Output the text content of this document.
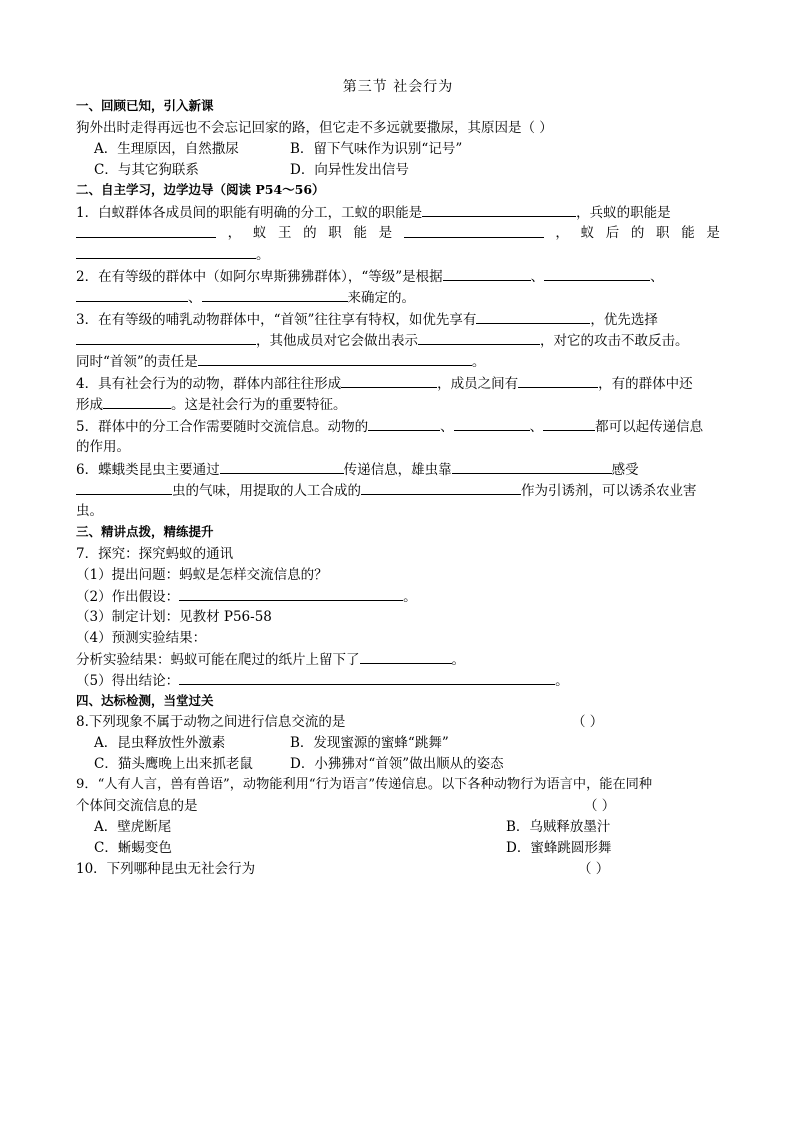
第三节 社会行为
一、回顾已知，引入新课
狗外出时走得再远也不会忘记回家的路，但它走不多远就要撒尿，其原因是（ ）
A．生理原因，自然撒尿	B．留下气味作为识别“记号”
C．与其它狗联系	D．向异性发出信号
二、自主学习，边学边导（阅读 P54～56）
1．白蚁群体各成员间的职能有明确的分工，工蚁的职能是	，兵蚁的职能是
， 蚁 王 的 职 能 是	， 蚁 后 的 职 能 是
。
2．在有等级的群体中（如阿尔卑斯狒狒群体），“等级”是根据	、	、
、	来确定的。
3．在有等级的哺乳动物群体中，“首领”往往享有特权，如优先享有	，优先选择
，其他成员对它会做出表示	，对它的攻击不敢反击。
同时“首领”的责任是	。
4．具有社会行为的动物，群体内部往往形成	，成员之间有	，有的群体中还
形成	。这是社会行为的重要特征。
5．群体中的分工合作需要随时交流信息。动物的	、	、	都可以起传递信息
的作用。
6．蝶蛾类昆虫主要通过	传递信息，雄虫靠	感受
虫的气味，用提取的人工合成的	作为引诱剂，可以诱杀农业害
虫。
三、精讲点拨，精练提升
7．探究：探究蚂蚁的通讯
（1）提出问题：蚂蚁是怎样交流信息的？
（2）作出假设：	。
（3）制定计划：见教材 P56-58
（4）预测实验结果：
分析实验结果：蚂蚁可能在爬过的纸片上留下了	。
（5）得出结论：	。
四、达标检测，当堂过关
8.下列现象不属于动物之间进行信息交流的是	（ ）
A．昆虫释放性外激素	B．发现蜜源的蜜蜂“跳舞”
C．猫头鹰晚上出来抓老鼠	D．小狒狒对“首领”做出顺从的姿态
9．“人有人言，兽有兽语”，动物能利用“行为语言”传递信息。以下各种动物行为语言中，能在同种
个体间交流信息的是	（ ）
A．壁虎断尾	B．乌贼释放墨汁
C．蜥蜴变色	D．蜜蜂跳圆形舞
10．下列哪种昆虫无社会行为	（ ）
